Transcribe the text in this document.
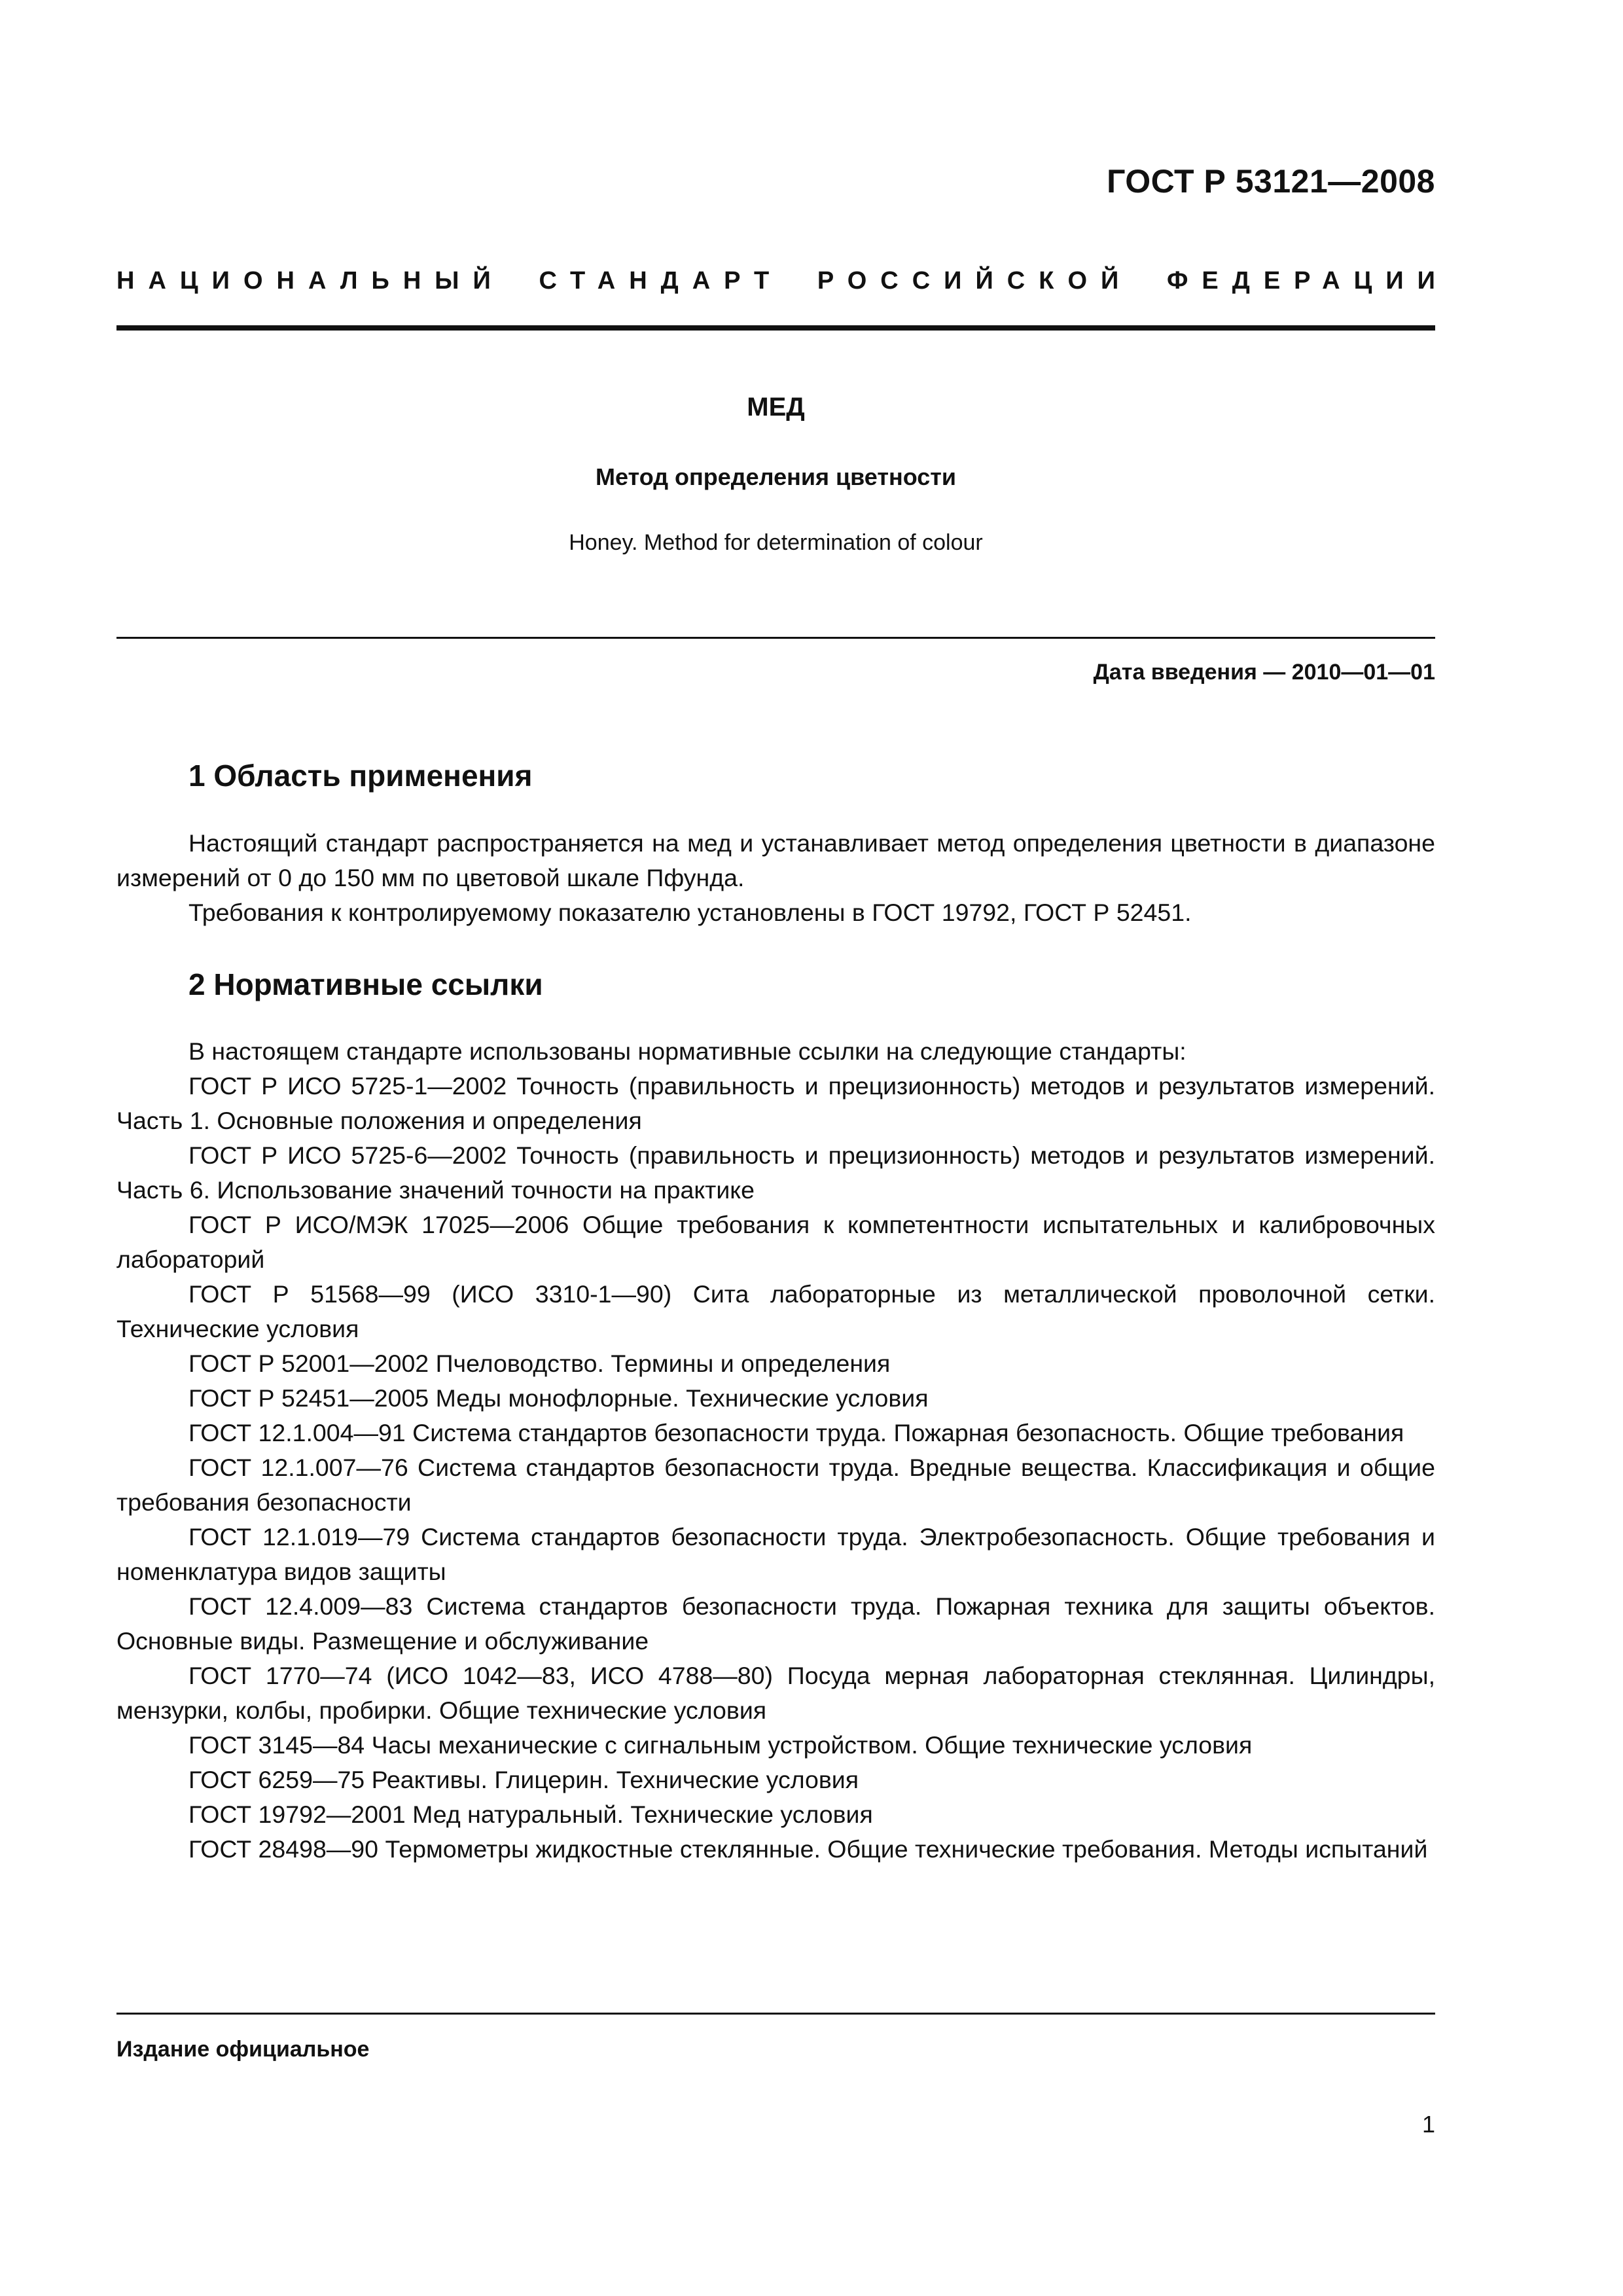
ГОСТ Р 53121—2008
НАЦИОНАЛЬНЫЙ СТАНДАРТ РОССИЙСКОЙ ФЕДЕРАЦИИ
МЕД
Метод определения цветности
Honey. Method for determination of colour
Дата введения — 2010—01—01
1 Область применения

Настоящий стандарт распространяется на мед и устанавливает метод определения цветности в диапазоне измерений от 0 до 150 мм по цветовой шкале Пфунда.

Требования к контролируемому показателю установлены в ГОСТ 19792, ГОСТ Р 52451.

2 Нормативные ссылки

В настоящем стандарте использованы нормативные ссылки на следующие стандарты:

ГОСТ Р ИСО 5725-1—2002 Точность (правильность и прецизионность) методов и результатов измерений. Часть 1. Основные положения и определения

ГОСТ Р ИСО 5725-6—2002 Точность (правильность и прецизионность) методов и результатов измерений. Часть 6. Использование значений точности на практике

ГОСТ Р ИСО/МЭК 17025—2006 Общие требования к компетентности испытательных и калибровочных лабораторий

ГОСТ Р 51568—99 (ИСО 3310-1—90) Сита лабораторные из металлической проволочной сетки. Технические условия

ГОСТ Р 52001—2002 Пчеловодство. Термины и определения

ГОСТ Р 52451—2005 Меды монофлорные. Технические условия

ГОСТ 12.1.004—91 Система стандартов безопасности труда. Пожарная безопасность. Общие требования

ГОСТ 12.1.007—76 Система стандартов безопасности труда. Вредные вещества. Классификация и общие требования безопасности

ГОСТ 12.1.019—79 Система стандартов безопасности труда. Электробезопасность. Общие требования и номенклатура видов защиты

ГОСТ 12.4.009—83 Система стандартов безопасности труда. Пожарная техника для защиты объектов. Основные виды. Размещение и обслуживание

ГОСТ 1770—74 (ИСО 1042—83, ИСО 4788—80) Посуда мерная лабораторная стеклянная. Цилиндры, мензурки, колбы, пробирки. Общие технические условия

ГОСТ 3145—84 Часы механические с сигнальным устройством. Общие технические условия

ГОСТ 6259—75 Реактивы. Глицерин. Технические условия

ГОСТ 19792—2001 Мед натуральный. Технические условия

ГОСТ 28498—90 Термометры жидкостные стеклянные. Общие технические требования. Методы испытаний

Издание официальное
1
